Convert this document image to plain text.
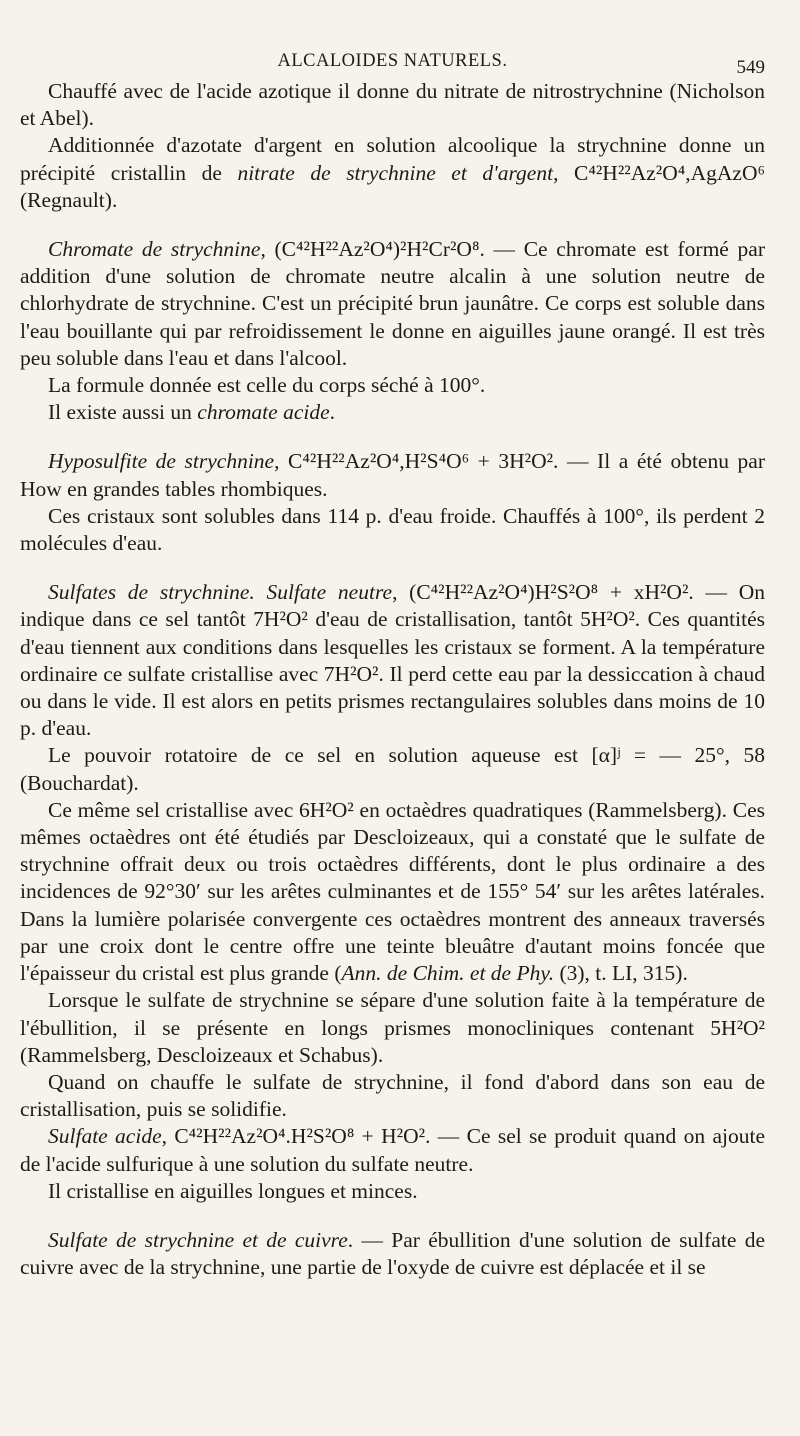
ALCALOIDES NATURELS.	549

Chauffé avec de l'acide azotique il donne du nitrate de nitrostrychnine (Nicholson et Abel).

Additionnée d'azotate d'argent en solution alcoolique la strychnine donne un précipité cristallin de nitrate de strychnine et d'argent, C⁴²H²²Az²O⁴,AgAzO⁶ (Regnault).

Chromate de strychnine, (C⁴²H²²Az²O⁴)²H²Cr²O⁸. — Ce chromate est formé par addition d'une solution de chromate neutre alcalin à une solution neutre de chlorhydrate de strychnine. C'est un précipité brun jaunâtre. Ce corps est soluble dans l'eau bouillante qui par refroidissement le donne en aiguilles jaune orangé. Il est très peu soluble dans l'eau et dans l'alcool.

La formule donnée est celle du corps séché à 100°.

Il existe aussi un chromate acide.

Hyposulfite de strychnine, C⁴²H²²Az²O⁴,H²S⁴O⁶ + 3H²O². — Il a été obtenu par How en grandes tables rhombiques.

Ces cristaux sont solubles dans 114 p. d'eau froide. Chauffés à 100°, ils perdent 2 molécules d'eau.

Sulfates de strychnine. Sulfate neutre, (C⁴²H²²Az²O⁴)H²S²O⁸ + xH²O². — On indique dans ce sel tantôt 7H²O² d'eau de cristallisation, tantôt 5H²O². Ces quantités d'eau tiennent aux conditions dans lesquelles les cristaux se forment. A la température ordinaire ce sulfate cristallise avec 7H²O². Il perd cette eau par la dessiccation à chaud ou dans le vide. Il est alors en petits prismes rectangulaires solubles dans moins de 10 p. d'eau.

Le pouvoir rotatoire de ce sel en solution aqueuse est [α]ʲ = — 25°, 58 (Bouchardat).

Ce même sel cristallise avec 6H²O² en octaèdres quadratiques (Rammelsberg). Ces mêmes octaèdres ont été étudiés par Descloizeaux, qui a constaté que le sulfate de strychnine offrait deux ou trois octaèdres différents, dont le plus ordinaire a des incidences de 92°30′ sur les arêtes culminantes et de 155° 54′ sur les arêtes latérales. Dans la lumière polarisée convergente ces octaèdres montrent des anneaux traversés par une croix dont le centre offre une teinte bleuâtre d'autant moins foncée que l'épaisseur du cristal est plus grande (Ann. de Chim. et de Phy. (3), t. LI, 315).

Lorsque le sulfate de strychnine se sépare d'une solution faite à la température de l'ébullition, il se présente en longs prismes monocliniques contenant 5H²O² (Rammelsberg, Descloizeaux et Schabus).

Quand on chauffe le sulfate de strychnine, il fond d'abord dans son eau de cristallisation, puis se solidifie.

Sulfate acide, C⁴²H²²Az²O⁴.H²S²O⁸ + H²O². — Ce sel se produit quand on ajoute de l'acide sulfurique à une solution du sulfate neutre.

Il cristallise en aiguilles longues et minces.

Sulfate de strychnine et de cuivre. — Par ébullition d'une solution de sulfate de cuivre avec de la strychnine, une partie de l'oxyde de cuivre est déplacée et il se
